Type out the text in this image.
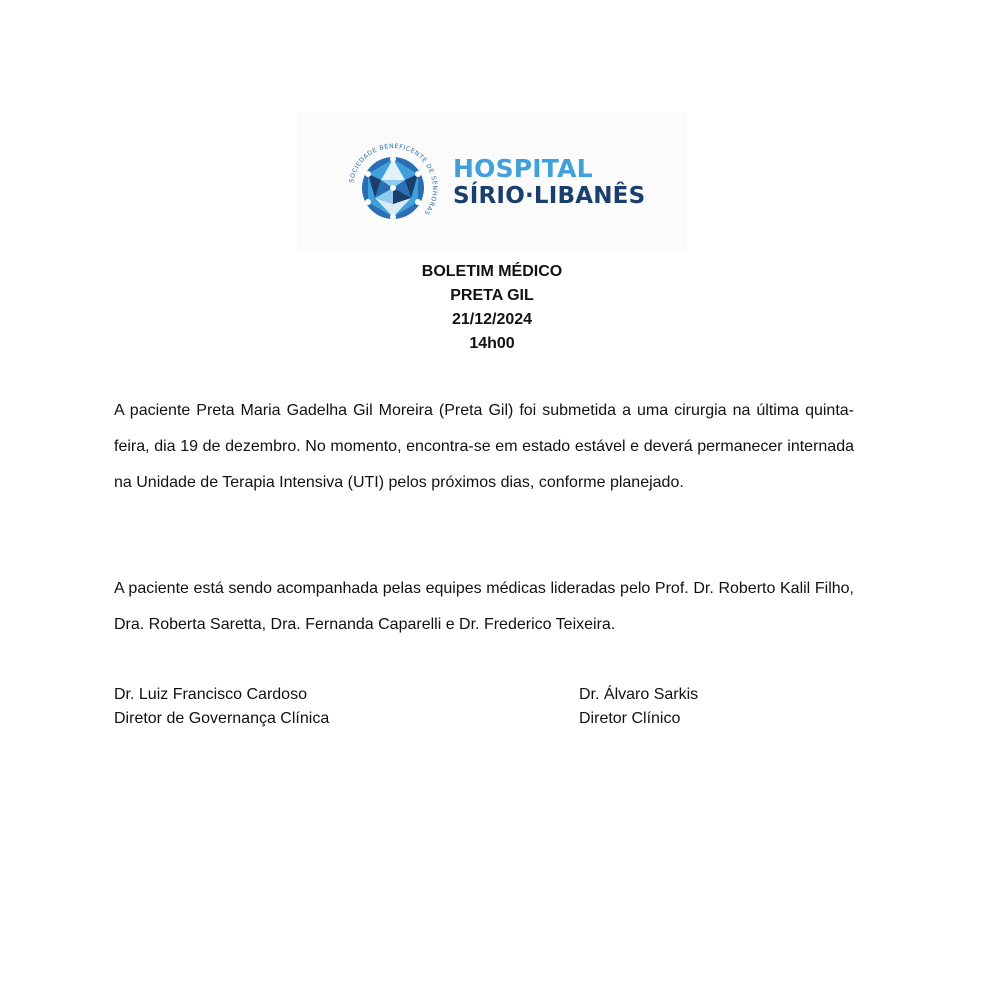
SOCIEDADE BENEFICENTE DE SENHORAS
HOSPITAL
SÍRIO·LIBANÊS
BOLETIM MÉDICO
PRETA GIL
21/12/2024
14h00

A paciente Preta Maria Gadelha Gil Moreira (Preta Gil) foi submetida a uma cirurgia na última quinta-feira, dia 19 de dezembro. No momento, encontra-se em estado estável e deverá permanecer internada na Unidade de Terapia Intensiva (UTI) pelos próximos dias, conforme planejado.

A paciente está sendo acompanhada pelas equipes médicas lideradas pelo Prof. Dr. Roberto Kalil Filho, Dra. Roberta Saretta, Dra. Fernanda Caparelli e Dr. Frederico Teixeira.

Dr. Luiz Francisco Cardoso
Diretor de Governança Clínica
Dr. Álvaro Sarkis
Diretor Clínico
